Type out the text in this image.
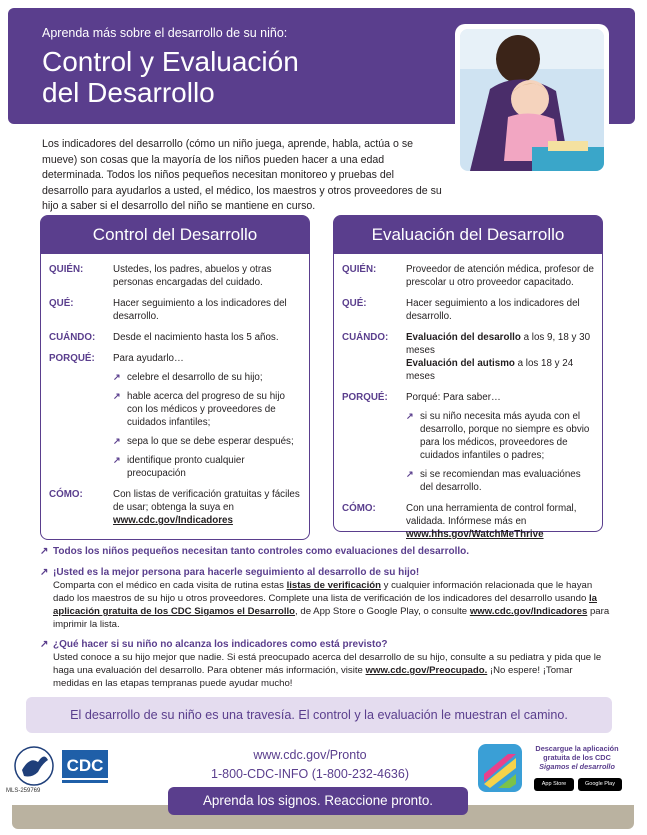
Aprenda más sobre el desarrollo de su niño:
Control y Evaluación
del Desarrollo
Los indicadores del desarrollo (cómo un niño juega, aprende, habla, actúa o se mueve) son cosas que la mayoría de los niños pueden hacer a una edad determinada. Todos los niños pequeños necesitan monitoreo y pruebas del desarrollo para ayudarlos a usted, el médico, los maestros y otros proveedores de su hijo a saber si el desarrollo del niño se mantiene en curso.
Control del Desarrollo
QUIÉN:	Ustedes, los padres, abuelos y otras personas encargadas del cuidado.
QUÉ:	Hacer seguimiento a los indicadores del desarrollo.
CUÁNDO:	Desde el nacimiento hasta los 5 años.
PORQUÉ:	Para ayudarlo…
↗ celebre el desarrollo de su hijo;
↗ hable acerca del progreso de su hijo con los médicos y proveedores de cuidados infantiles;
↗ sepa lo que se debe esperar después;
↗ identifique pronto cualquier preocupación
CÓMO:	Con listas de verificación gratuitas y fáciles de usar; obtenga la suya en
www.cdc.gov/Indicadores
Evaluación del Desarrollo
QUIÉN:	Proveedor de atención médica, profesor de prescolar u otro proveedor capacitado.
QUÉ:	Hacer seguimiento a los indicadores del desarrollo.
CUÁNDO:	Evaluación del desarollo a los 9, 18 y 30 meses
Evaluación del autismo a los 18 y 24 meses
PORQUÉ:	Porqué: Para saber…
↗ si su niño necesita más ayuda con el desarrollo, porque no siempre es obvio para los médicos, proveedores de cuidados infantiles o padres;
↗ si se recomiendan mas evaluaciónes del desarrollo.
CÓMO:	Con una herramienta de control formal, validada. Infórmese más en
www.hhs.gov/WatchMeThrive
↗ Todos los niños pequeños necesitan tanto controles como evaluaciones del desarrollo.
↗ ¡Usted es la mejor persona para hacerle seguimiento al desarrollo de su hijo!
Comparta con el médico en cada visita de rutina estas listas de verificación y cualquier información relacionada que le hayan dado los maestros de su hijo u otros proveedores. Complete una lista de verificación de los indicadores del desarrollo usando la aplicación gratuita de los CDC Sigamos el Desarrollo, de App Store o Google Play, o consulte www.cdc.gov/Indicadores para imprimir la lista.
↗ ¿Qué hacer si su niño no alcanza los indicadores como está previsto?
Usted conoce a su hijo mejor que nadie. Si está preocupado acerca del desarrollo de su hijo, consulte a su pediatra y pida que le haga una evaluación del desarrollo. Para obtener más información, visite www.cdc.gov/Preocupado. ¡No espere! ¡Tomar medidas en las etapas tempranas puede ayudar mucho!
El desarrollo de su niño es una travesía. El control y la evaluación le muestran el camino.
CDC
MLS-259769
www.cdc.gov/Pronto
1-800-CDC-INFO (1-800-232-4636)
Descargue la aplicación
gratuita de los CDC
Sigamos el desarrollo
App Store	Google Play
Aprenda los signos. Reaccione pronto.
